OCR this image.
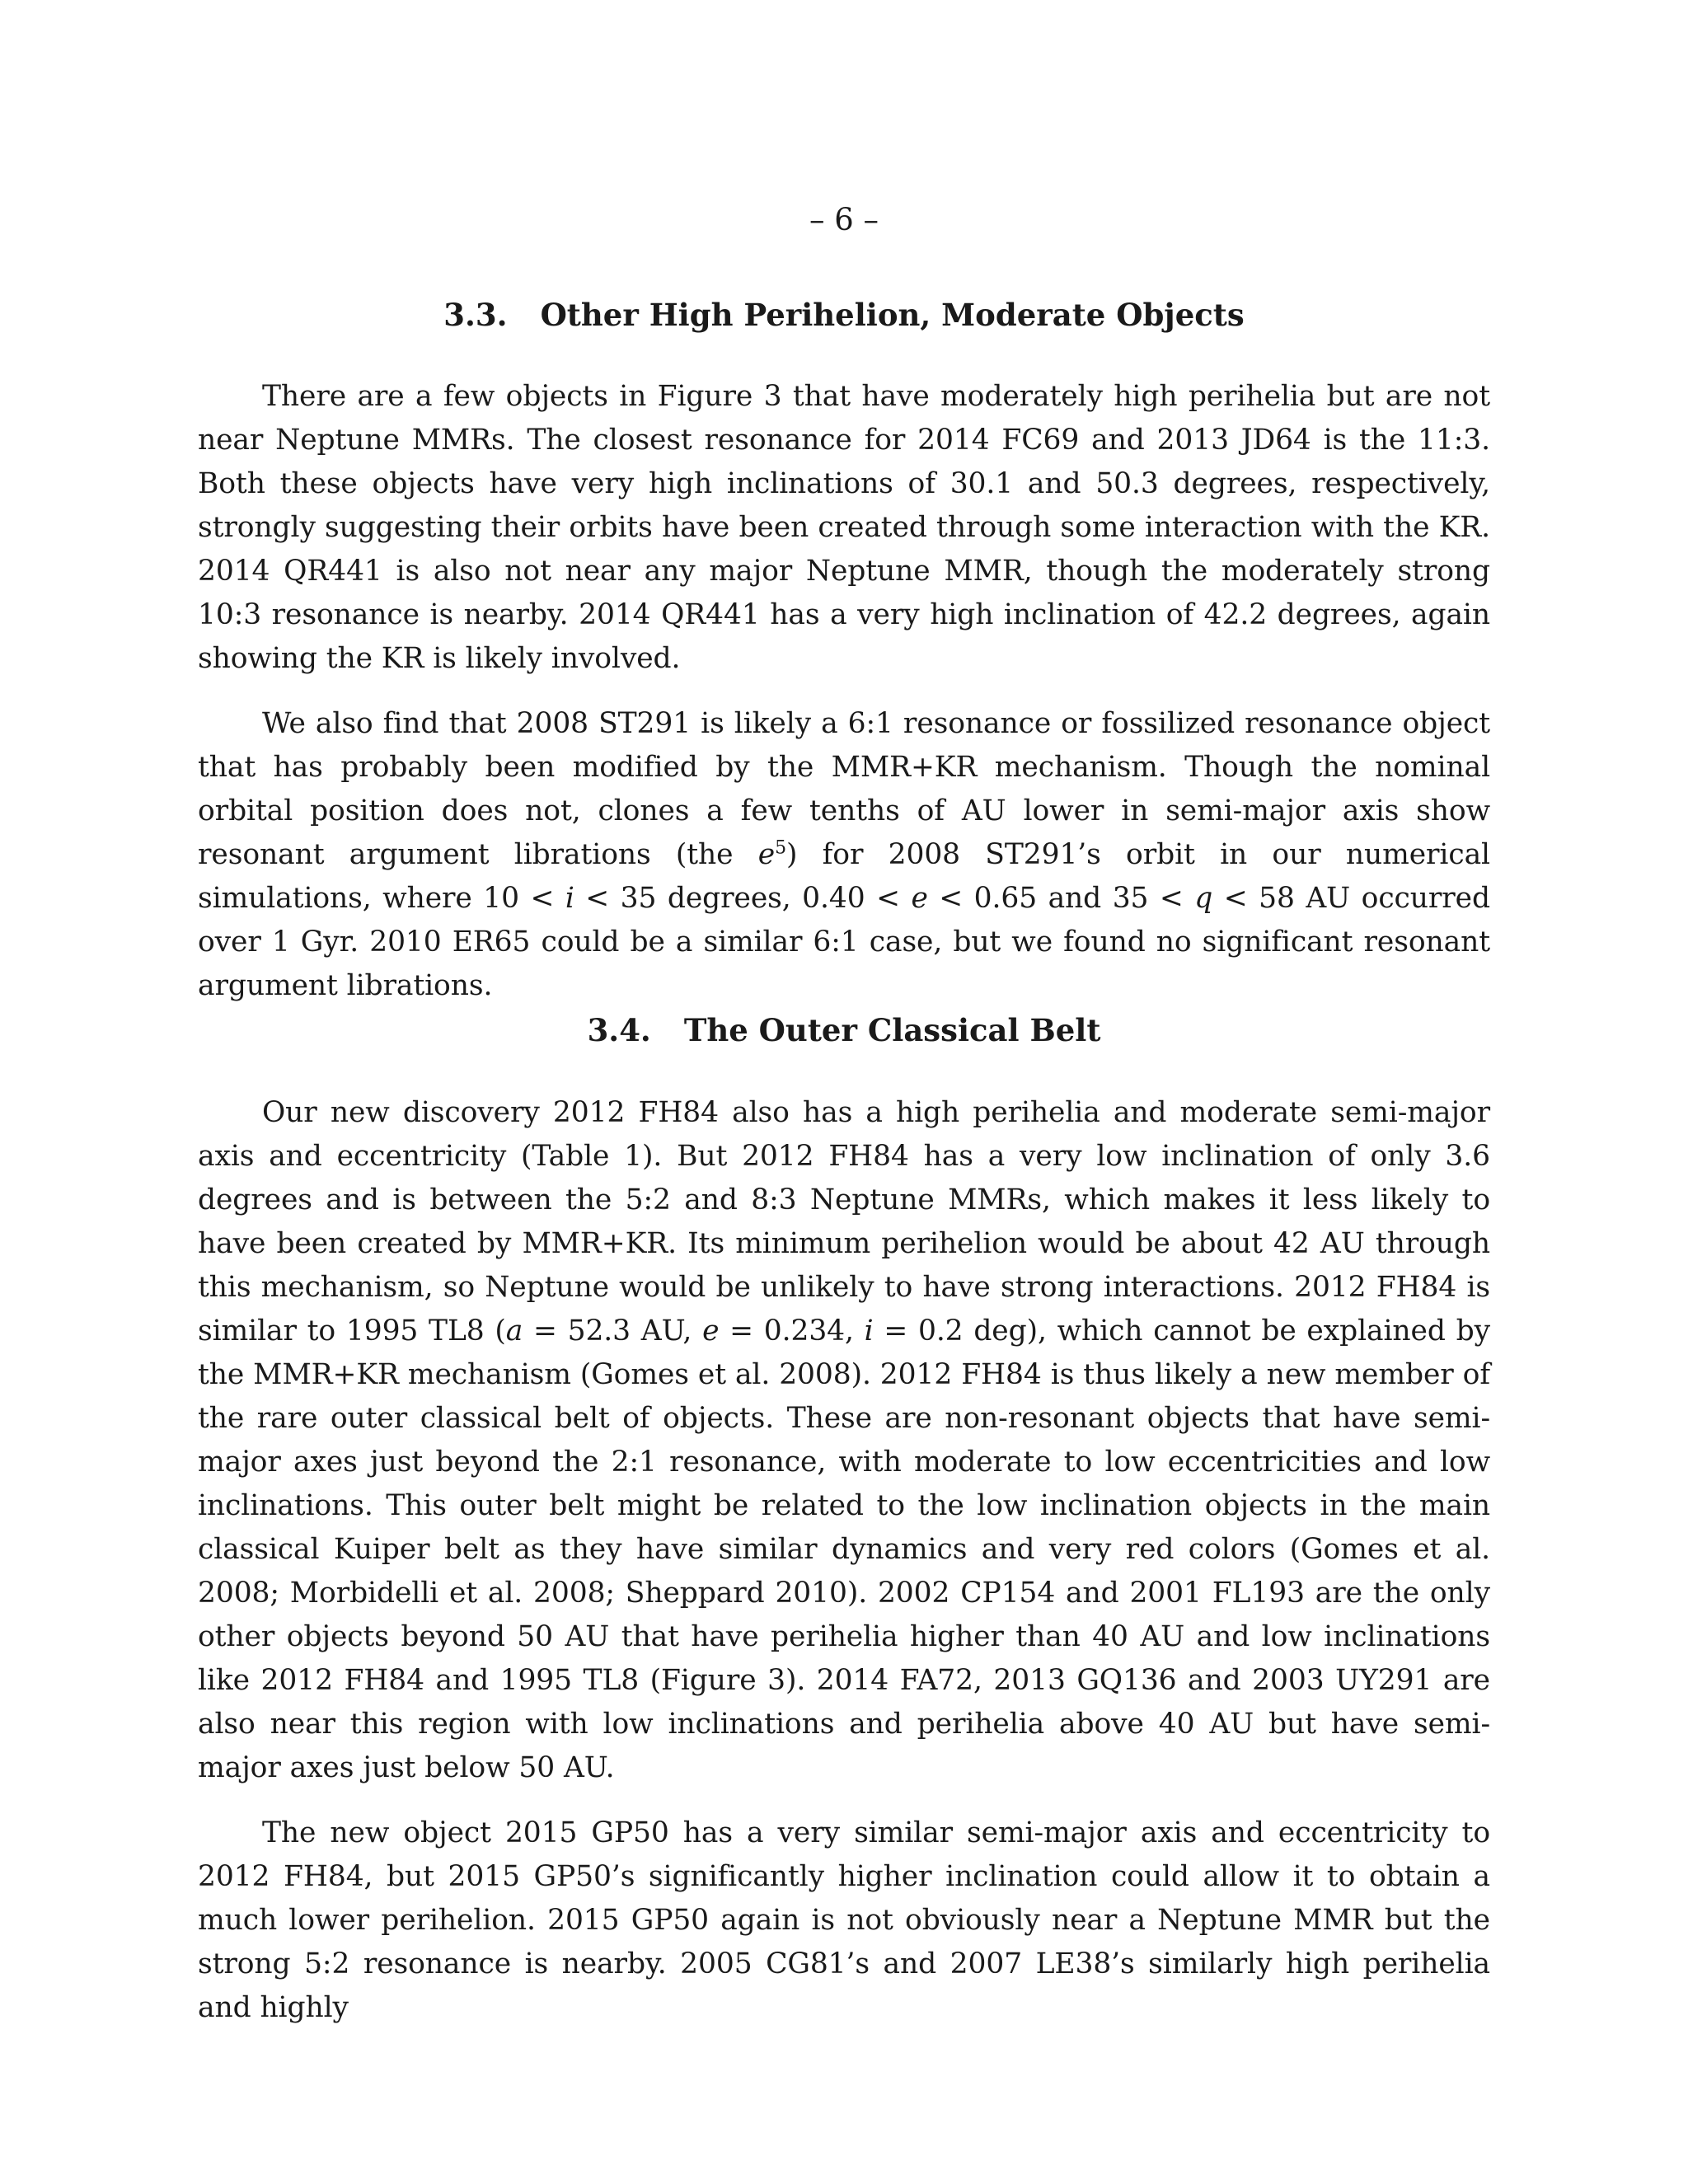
– 6 –
3.3. Other High Perihelion, Moderate Objects

There are a few objects in Figure 3 that have moderately high perihelia but are not near Neptune MMRs. The closest resonance for 2014 FC69 and 2013 JD64 is the 11:3. Both these objects have very high inclinations of 30.1 and 50.3 degrees, respectively, strongly suggesting their orbits have been created through some interaction with the KR. 2014 QR441 is also not near any major Neptune MMR, though the moderately strong 10:3 resonance is nearby. 2014 QR441 has a very high inclination of 42.2 degrees, again showing the KR is likely involved.

We also find that 2008 ST291 is likely a 6:1 resonance or fossilized resonance object that has probably been modified by the MMR+KR mechanism. Though the nominal orbital position does not, clones a few tenths of AU lower in semi-major axis show resonant argument librations (the $e^5$) for 2008 ST291’s orbit in our numerical simulations, where 10 < i < 35 degrees, 0.40 < e < 0.65 and 35 < q < 58 AU occurred over 1 Gyr. 2010 ER65 could be a similar 6:1 case, but we found no significant resonant argument librations.

3.4. The Outer Classical Belt

Our new discovery 2012 FH84 also has a high perihelia and moderate semi-major axis and eccentricity (Table 1). But 2012 FH84 has a very low inclination of only 3.6 degrees and is between the 5:2 and 8:3 Neptune MMRs, which makes it less likely to have been created by MMR+KR. Its minimum perihelion would be about 42 AU through this mechanism, so Neptune would be unlikely to have strong interactions. 2012 FH84 is similar to 1995 TL8 (a = 52.3 AU, e = 0.234, i = 0.2 deg), which cannot be explained by the MMR+KR mechanism (Gomes et al. 2008). 2012 FH84 is thus likely a new member of the rare outer classical belt of objects. These are non-resonant objects that have semi-major axes just beyond the 2:1 resonance, with moderate to low eccentricities and low inclinations. This outer belt might be related to the low inclination objects in the main classical Kuiper belt as they have similar dynamics and very red colors (Gomes et al. 2008; Morbidelli et al. 2008; Sheppard 2010). 2002 CP154 and 2001 FL193 are the only other objects beyond 50 AU that have perihelia higher than 40 AU and low inclinations like 2012 FH84 and 1995 TL8 (Figure 3). 2014 FA72, 2013 GQ136 and 2003 UY291 are also near this region with low inclinations and perihelia above 40 AU but have semi-major axes just below 50 AU.

The new object 2015 GP50 has a very similar semi-major axis and eccentricity to 2012 FH84, but 2015 GP50’s significantly higher inclination could allow it to obtain a much lower perihelion. 2015 GP50 again is not obviously near a Neptune MMR but the strong 5:2 resonance is nearby. 2005 CG81’s and 2007 LE38’s similarly high perihelia and highly
